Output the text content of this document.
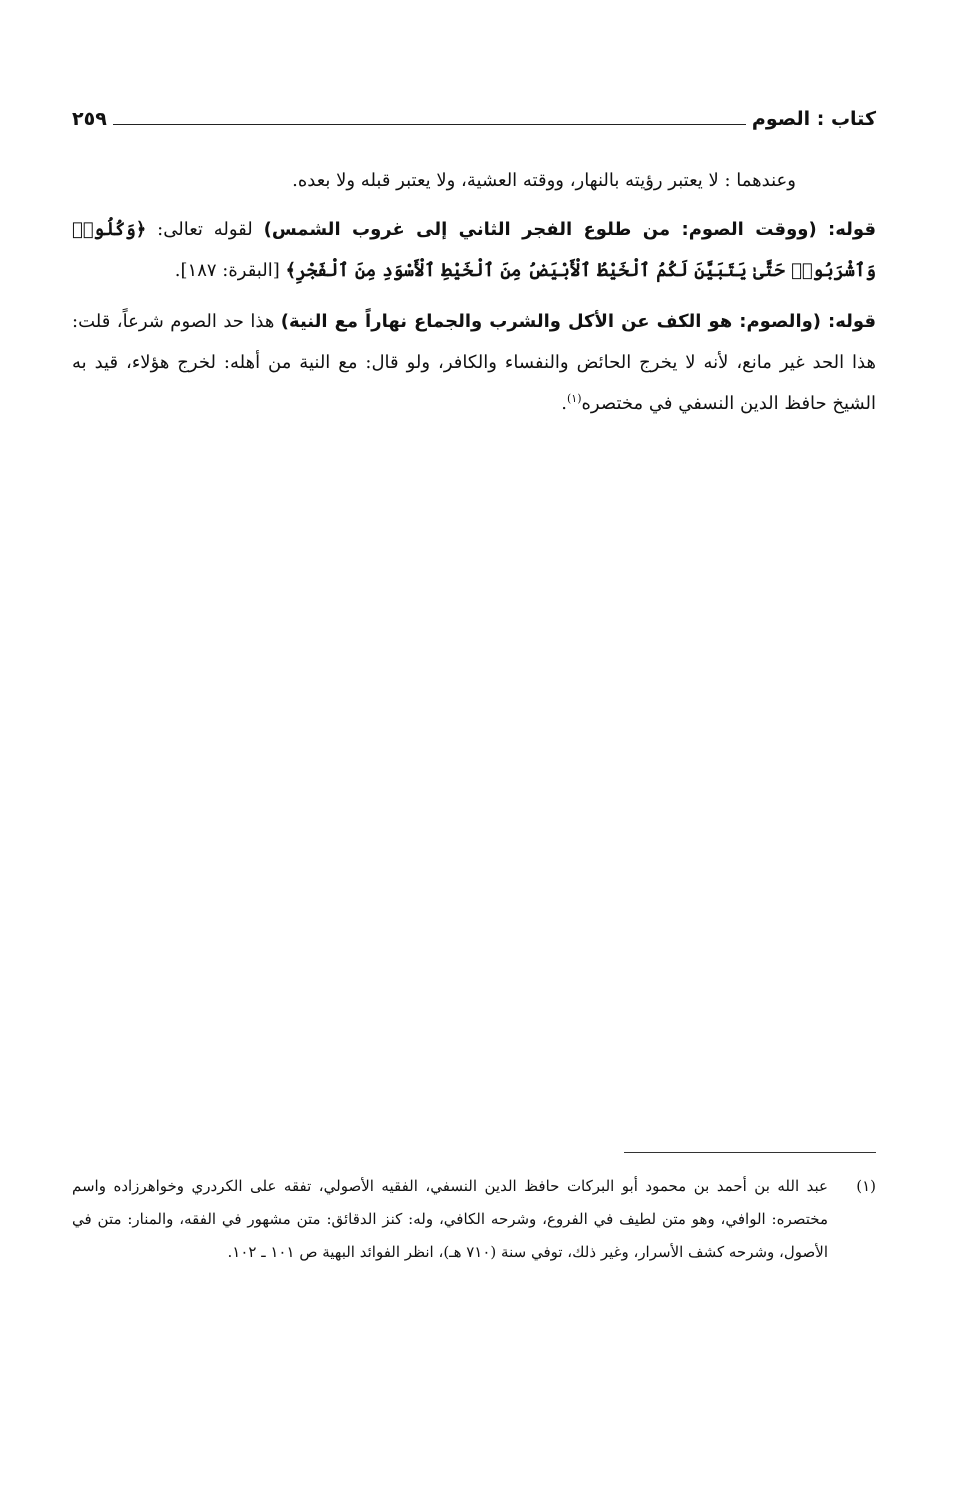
كتاب : الصوم
٢٥٩

وعندهما : لا يعتبر رؤيته بالنهار، ووقته العشية، ولا يعتبر قبله ولا بعده.

قوله: (ووقت الصوم: من طلوع الفجر الثاني إلى غروب الشمس) لقوله تعالى: ﴿وَكُلُوا۟ وَٱشْرَبُوا۟ حَتَّىٰ يَتَبَيَّنَ لَكُمُ ٱلْخَيْطُ ٱلْأَبْيَضُ مِنَ ٱلْخَيْطِ ٱلْأَسْوَدِ مِنَ ٱلْفَجْرِ﴾ [البقرة: ١٨٧].

قوله: (والصوم: هو الكف عن الأكل والشرب والجماع نهاراً مع النية) هذا حد الصوم شرعاً، قلت: هذا الحد غير مانع، لأنه لا يخرج الحائض والنفساء والكافر، ولو قال: مع النية من أهله: لخرج هؤلاء، قيد به الشيخ حافظ الدين النسفي في مختصره$^{(١)}$.

(١)
عبد الله بن أحمد بن محمود أبو البركات حافظ الدين النسفي، الفقيه الأصولي، تفقه على الكردري وخواهرزاده واسم مختصره: الوافي، وهو متن لطيف في الفروع، وشرحه الكافي، وله: كنز الدقائق: متن مشهور في الفقه، والمنار: متن في الأصول، وشرحه كشف الأسرار، وغير ذلك، توفي سنة (٧١٠ هـ)، انظر الفوائد البهية ص ١٠١ ـ ١٠٢.
